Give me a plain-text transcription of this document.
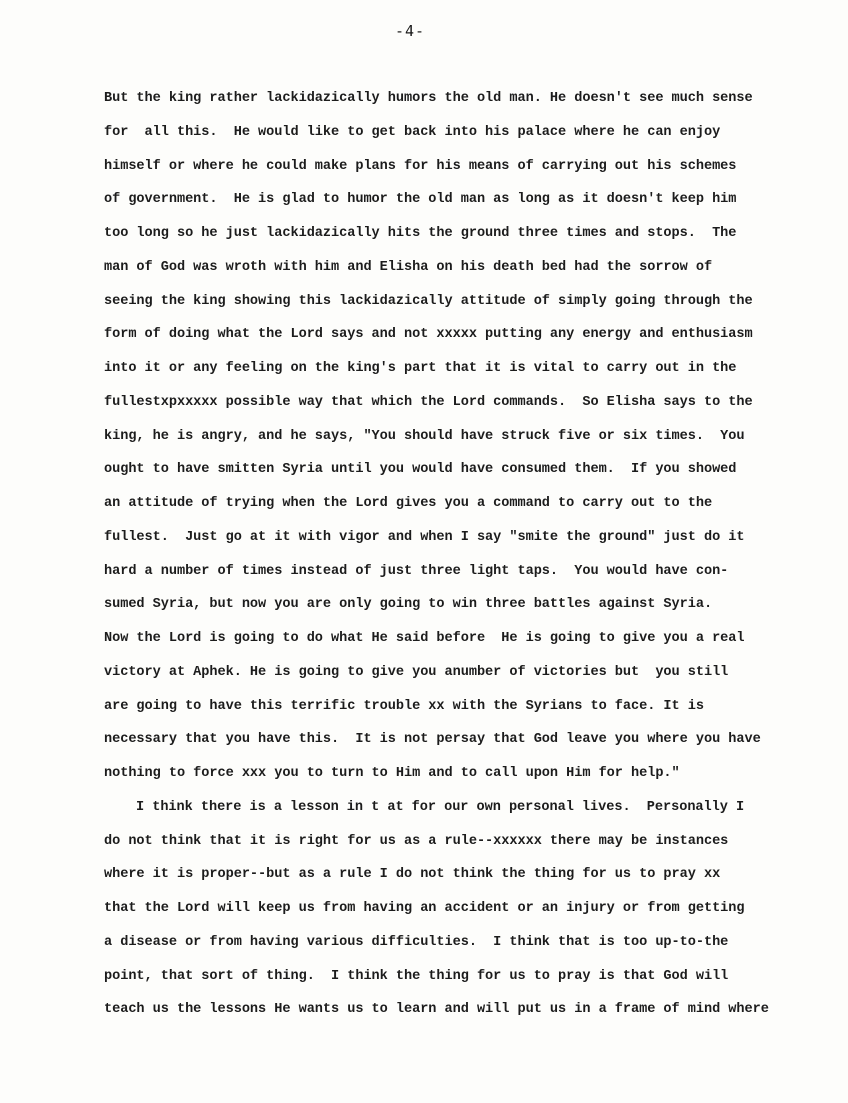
-4-
But the king rather lackidazically humors the old man. He doesn't see much sense
for  all this.  He would like to get back into his palace where he can enjoy
himself or where he could make plans for his means of carrying out his schemes
of government.  He is glad to humor the old man as long as it doesn't keep him
too long so he just lackidazically hits the ground three times and stops.  The
man of God was wroth with him and Elisha on his death bed had the sorrow of
seeing the king showing this lackidazically attitude of simply going through the
form of doing what the Lord says and not xxxxx putting any energy and enthusiasm
into it or any feeling on the king's part that it is vital to carry out in the
fullestxpxxxxx possible way that which the Lord commands.  So Elisha says to the
king, he is angry, and he says, "You should have struck five or six times.  You
ought to have smitten Syria until you would have consumed them.  If you showed
an attitude of trying when the Lord gives you a command to carry out to the
fullest.  Just go at it with vigor and when I say "smite the ground" just do it
hard a number of times instead of just three light taps.  You would have con-
sumed Syria, but now you are only going to win three battles against Syria.
Now the Lord is going to do what He said before  He is going to give you a real
victory at Aphek. He is going to give you anumber of victories but  you still
are going to have this terrific trouble xx with the Syrians to face. It is
necessary that you have this.  It is not persay that God leave you where you have
nothing to force xxx you to turn to Him and to call upon Him for help."
I think there is a lesson in t at for our own personal lives.  Personally I
do not think that it is right for us as a rule--xxxxxx there may be instances
where it is proper--but as a rule I do not think the thing for us to pray xx
that the Lord will keep us from having an accident or an injury or from getting
a disease or from having various difficulties.  I think that is too up-to-the
point, that sort of thing.  I think the thing for us to pray is that God will
teach us the lessons He wants us to learn and will put us in a frame of mind where
